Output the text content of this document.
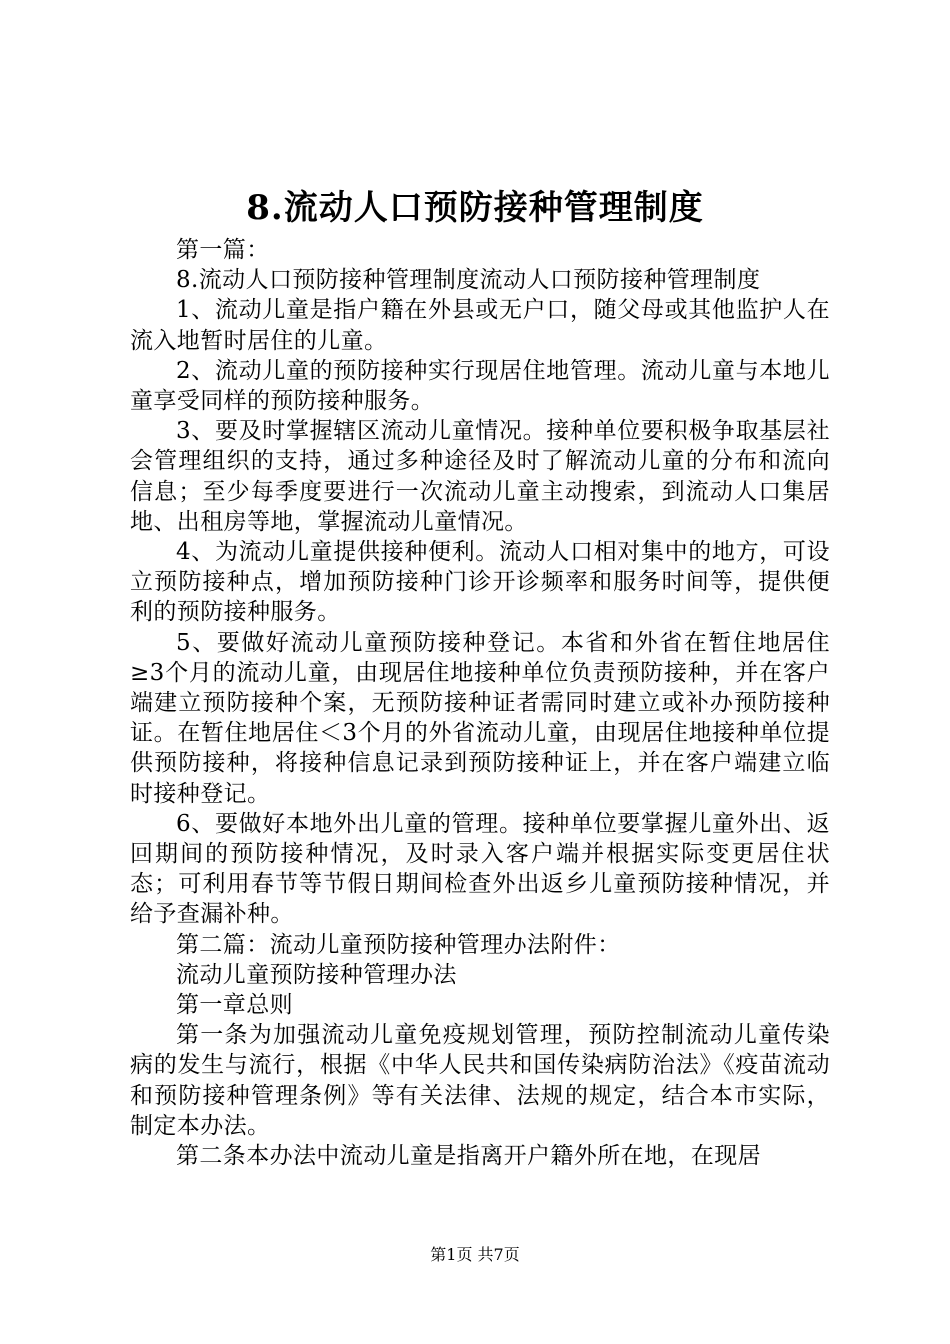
8.流动人口预防接种管理制度

第一篇：

8.流动人口预防接种管理制度流动人口预防接种管理制度

1、流动儿童是指户籍在外县或无户口，随父母或其他监护人在流入地暂时居住的儿童。

2、流动儿童的预防接种实行现居住地管理。流动儿童与本地儿童享受同样的预防接种服务。

3、要及时掌握辖区流动儿童情况。接种单位要积极争取基层社会管理组织的支持，通过多种途径及时了解流动儿童的分布和流向信息；至少每季度要进行一次流动儿童主动搜索，到流动人口集居地、出租房等地，掌握流动儿童情况。

4、为流动儿童提供接种便利。流动人口相对集中的地方，可设立预防接种点，增加预防接种门诊开诊频率和服务时间等，提供便利的预防接种服务。

5、要做好流动儿童预防接种登记。本省和外省在暂住地居住≥3个月的流动儿童，由现居住地接种单位负责预防接种，并在客户端建立预防接种个案，无预防接种证者需同时建立或补办预防接种证。在暂住地居住＜3个月的外省流动儿童，由现居住地接种单位提供预防接种，将接种信息记录到预防接种证上，并在客户端建立临时接种登记。

6、要做好本地外出儿童的管理。接种单位要掌握儿童外出、返回期间的预防接种情况，及时录入客户端并根据实际变更居住状态；可利用春节等节假日期间检查外出返乡儿童预防接种情况，并给予查漏补种。

第二篇：流动儿童预防接种管理办法附件：

流动儿童预防接种管理办法

第一章总则

第一条为加强流动儿童免疫规划管理，预防控制流动儿童传染病的发生与流行，根据《中华人民共和国传染病防治法》《疫苗流动和预防接种管理条例》等有关法律、法规的规定，结合本市实际，制定本办法。

第二条本办法中流动儿童是指离开户籍外所在地，在现居

第1页 共7页
